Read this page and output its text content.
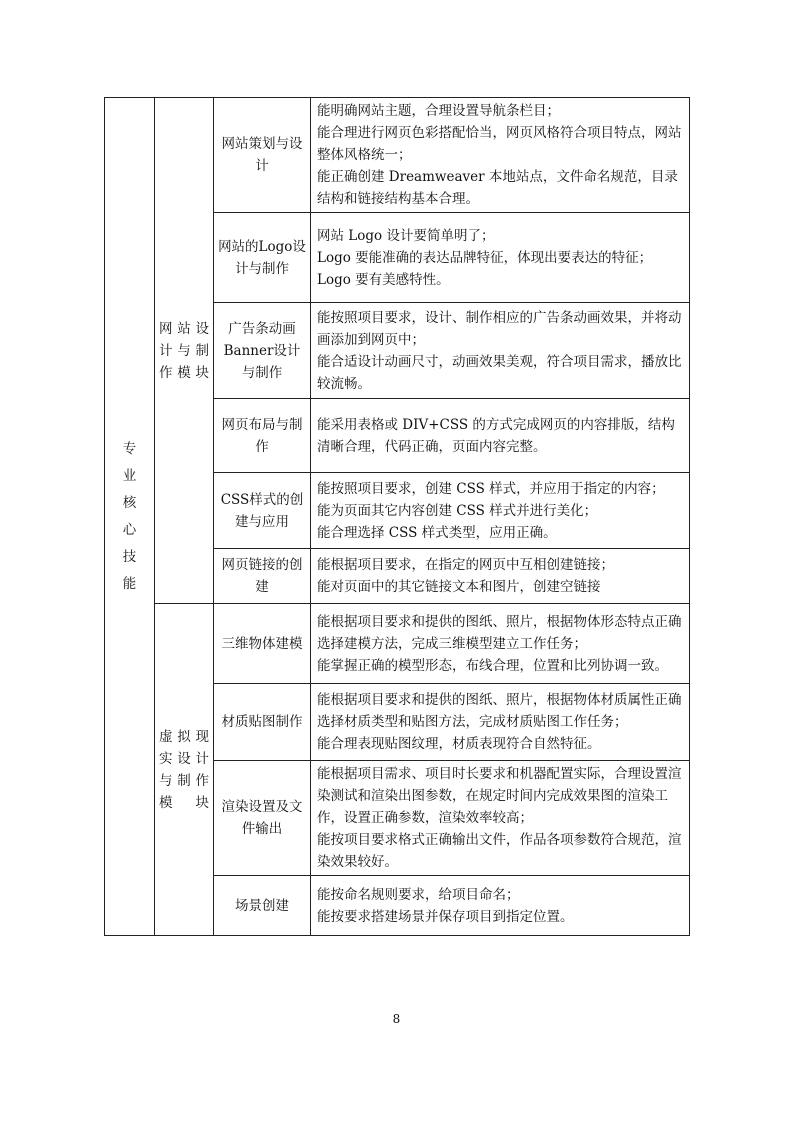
专业核心技能	网站设计与制作模块	网站策划与设计	能明确网站主题，合理设置导航条栏目；
能合理进行网页色彩搭配恰当，网页风格符合项目特点，网站整体风格统一；
能正确创建 Dreamweaver 本地站点，文件命名规范，目录结构和链接结构基本合理。

		网站的Logo设计与制作	网站 Logo 设计要简单明了；
Logo 要能准确的表达品牌特征，体现出要表达的特征；
Logo 要有美感特性。

		广告条动画Banner设计与制作	能按照项目要求，设计、制作相应的广告条动画效果，并将动画添加到网页中；
能合适设计动画尺寸，动画效果美观，符合项目需求，播放比较流畅。

		网页布局与制作	能采用表格或 DIV+CSS 的方式完成网页的内容排版，结构清晰合理，代码正确，页面内容完整。

		CSS样式的创建与应用	能按照项目要求，创建 CSS 样式，并应用于指定的内容；
能为页面其它内容创建 CSS 样式并进行美化；
能合理选择 CSS 样式类型，应用正确。

		网页链接的创建	能根据项目要求，在指定的网页中互相创建链接；
能对页面中的其它链接文本和图片，创建空链接

	虚拟现实设计与制作模块	三维物体建模	能根据项目要求和提供的图纸、照片，根据物体形态特点正确选择建模方法，完成三维模型建立工作任务；
能掌握正确的模型形态，布线合理，位置和比列协调一致。

		材质贴图制作	能根据项目要求和提供的图纸、照片，根据物体材质属性正确选择材质类型和贴图方法，完成材质贴图工作任务；
能合理表现贴图纹理，材质表现符合自然特征。

		渲染设置及文件输出	能根据项目需求、项目时长要求和机器配置实际，合理设置渲染测试和渲染出图参数，在规定时间内完成效果图的渲染工作，设置正确参数，渲染效率较高；
能按项目要求格式正确输出文件，作品各项参数符合规范，渲染效果较好。

		场景创建	能按命名规则要求，给项目命名；
能按要求搭建场景并保存项目到指定位置。
8
